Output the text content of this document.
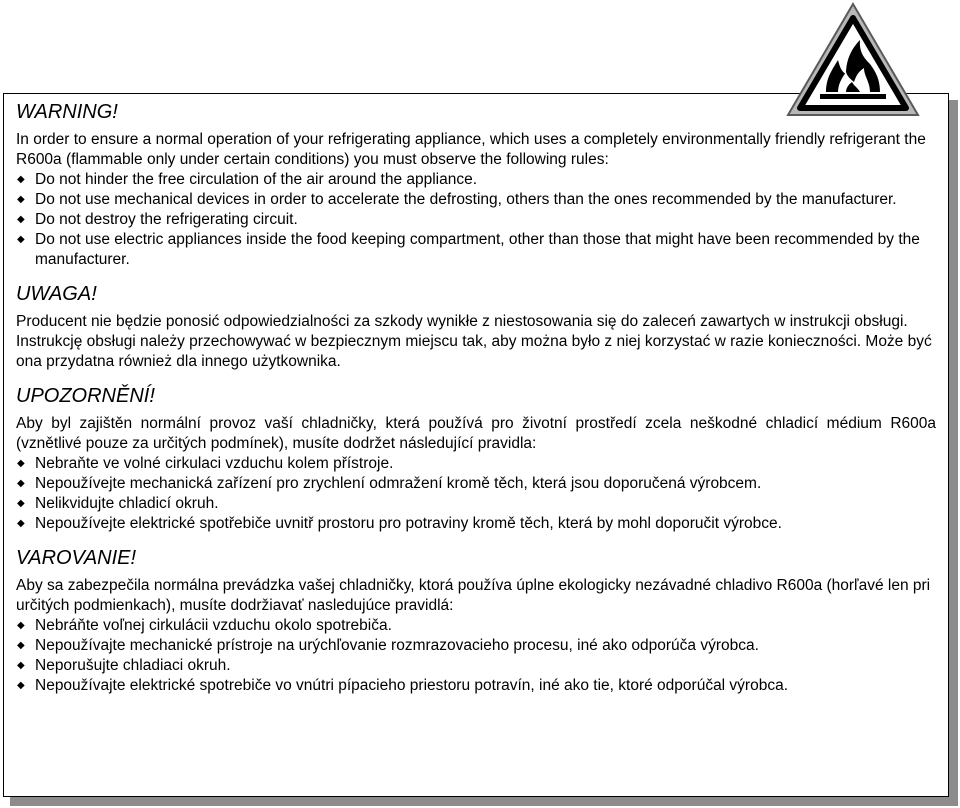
WARNING!

In order to ensure a normal operation of your refrigerating appliance, which uses a completely environmentally friendly refrigerant the R600a (flammable only under certain conditions) you must observe the following rules:

◆ Do not hinder the free circulation of the air around the appliance.
◆ Do not use mechanical devices in order to accelerate the defrosting, others than the ones recommended by the manufacturer.
◆ Do not destroy the refrigerating circuit.
◆ Do not use electric appliances inside the food keeping compartment, other than those that might have been recommended by the manufacturer.
UWAGA!

Producent nie będzie ponosić odpowiedzialności za szkody wynikłe z niestosowania się do zaleceń zawartych w instrukcji obsługi. Instrukcję obsługi należy przechowywać w bezpiecznym miejscu tak, aby można było z niej korzystać w razie konieczności. Może być ona przydatna również dla innego użytkownika.

UPOZORNĚNÍ!

Aby byl zajištěn normální provoz vaší chladničky, která používá pro životní prostředí zcela neškodné chladicí médium R600a (vznětlivé pouze za určitých podmínek), musíte dodržet následující pravidla:

◆ Nebraňte ve volné cirkulaci vzduchu kolem přístroje.
◆ Nepoužívejte mechanická zařízení pro zrychlení odmražení kromě těch, která jsou doporučená výrobcem.
◆ Nelikvidujte chladicí okruh.
◆ Nepoužívejte elektrické spotřebiče uvnitř prostoru pro potraviny kromě těch, která by mohl doporučit výrobce.
VAROVANIE!

Aby sa zabezpečila normálna prevádzka vašej chladničky, ktorá používa úplne ekologicky nezávadné chladivo R600a (horľavé len pri určitých podmienkach), musíte dodržiavať nasledujúce pravidlá:

◆ Nebráňte voľnej cirkulácii vzduchu okolo spotrebiča.
◆ Nepoužívajte mechanické prístroje na urýchľovanie rozmrazovacieho procesu, iné ako odporúča výrobca.
◆ Neporušujte chladiaci okruh.
◆ Nepoužívajte elektrické spotrebiče vo vnútri pípacieho priestoru potravín, iné ako tie, ktoré odporúčal výrobca.
